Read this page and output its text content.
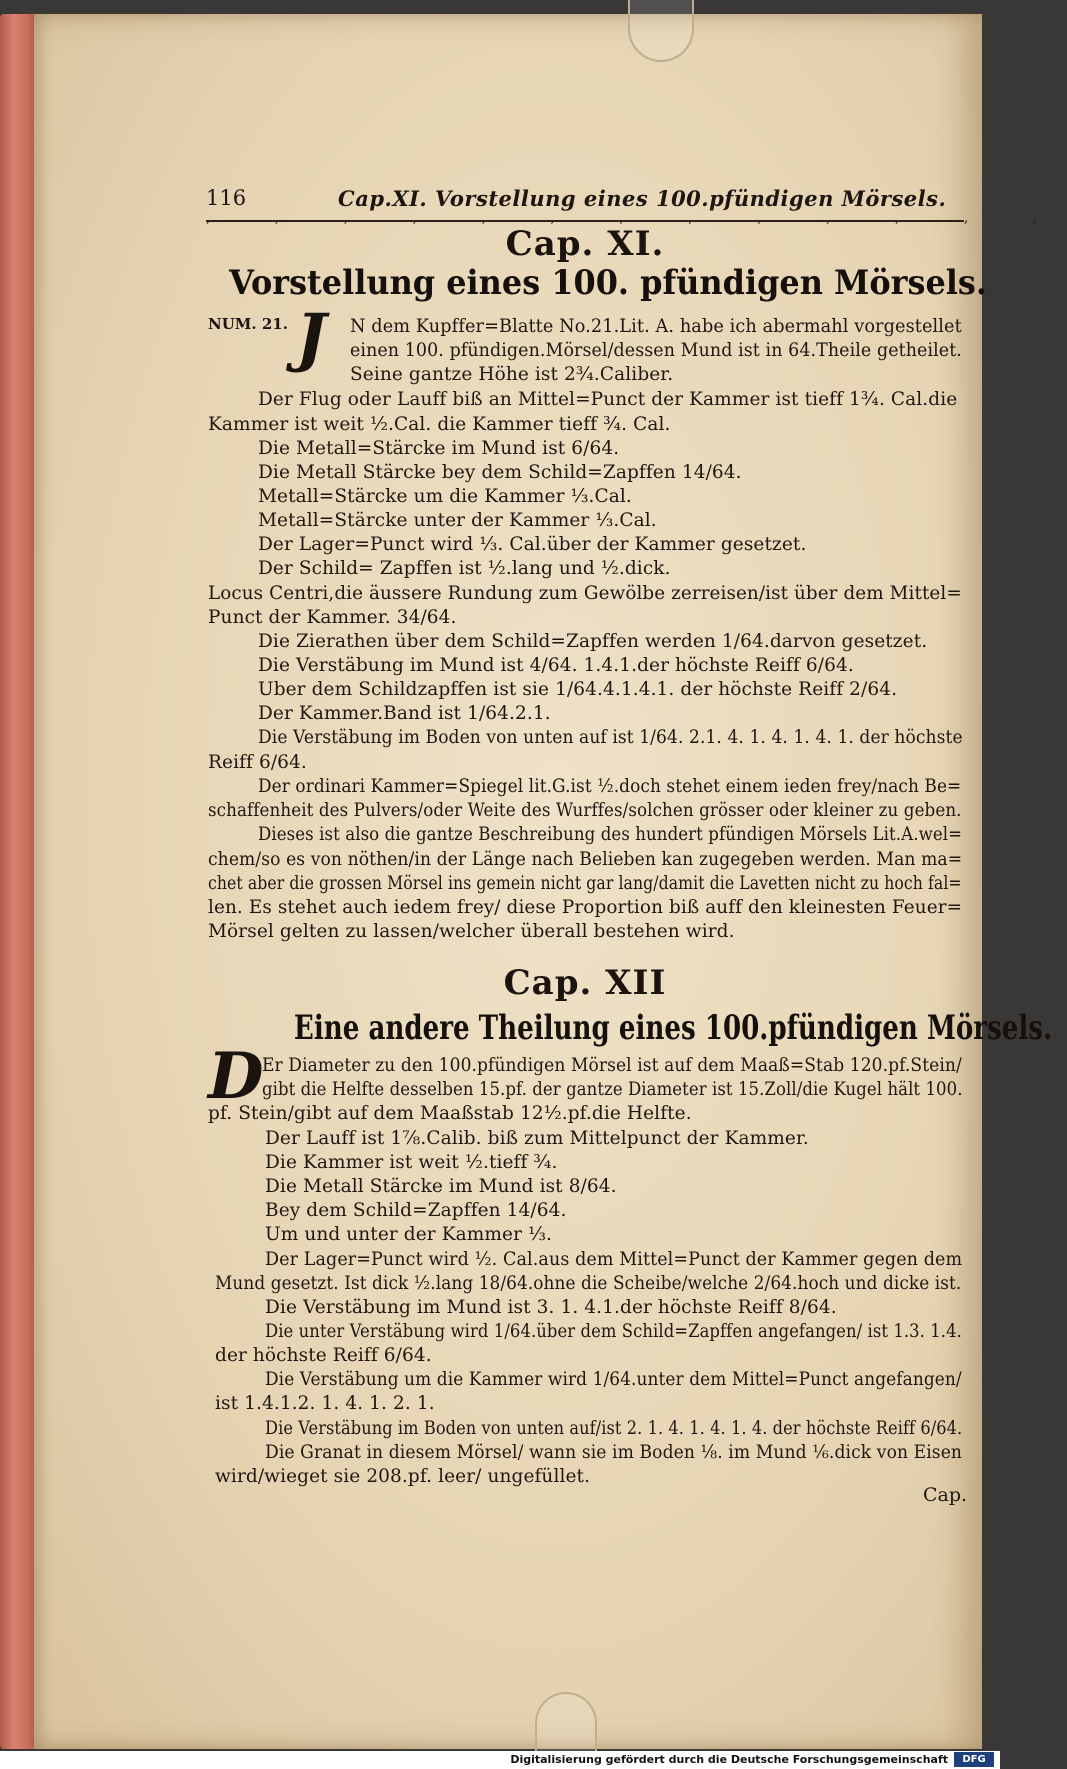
116	Cap.XI. Vorstellung eines 100.pfündigen Mörsels.
, , , , , , , , , , , , ,
Cap. XI.
Vorstellung eines 100. pfündigen Mörsels.
NUM. 21. J N dem Kupffer=Blatte No.21.Lit. A. habe ich abermahl vorgestellet
einen 100. pfündigen.Mörsel/dessen Mund ist in 64.Theile getheilet.
Seine gantze Höhe ist 2¾.Caliber.
Der Flug oder Lauff biß an Mittel=Punct der Kammer ist tieff 1¾. Cal.die
Kammer ist weit ½.Cal. die Kammer tieff ¾. Cal.
Die Metall=Stärcke im Mund ist 6/64.
Die Metall Stärcke bey dem Schild=Zapffen 14/64.
Metall=Stärcke um die Kammer ⅓.Cal.
Metall=Stärcke unter der Kammer ⅓.Cal.
Der Lager=Punct wird ⅓. Cal.über der Kammer gesetzet.
Der Schild= Zapffen ist ½.lang und ½.dick.
Locus Centri,die äussere Rundung zum Gewölbe zerreisen/ist über dem Mittel=
Punct der Kammer. 34/64.
Die Zierathen über dem Schild=Zapffen werden 1/64.darvon gesetzet.
Die Verstäbung im Mund ist 4/64. 1.4.1.der höchste Reiff 6/64.
Uber dem Schildzapffen ist sie 1/64.4.1.4.1. der höchste Reiff 2/64.
Der Kammer.Band ist 1/64.2.1.
Die Verstäbung im Boden von unten auf ist 1/64. 2.1. 4. 1. 4. 1. 4. 1. der höchste
Reiff 6/64.
Der ordinari Kammer=Spiegel lit.G.ist ½.doch stehet einem ieden frey/nach Be=
schaffenheit des Pulvers/oder Weite des Wurffes/solchen grösser oder kleiner zu geben.
Dieses ist also die gantze Beschreibung des hundert pfündigen Mörsels Lit.A.wel=
chem/so es von nöthen/in der Länge nach Belieben kan zugegeben werden. Man ma=
chet aber die grossen Mörsel ins gemein nicht gar lang/damit die Lavetten nicht zu hoch fal=
len. Es stehet auch iedem frey/ diese Proportion biß auff den kleinesten Feuer=
Mörsel gelten zu lassen/welcher überall bestehen wird.
Cap. XII
Eine andere Theilung eines 100.pfündigen Mörsels.
D
Er Diameter zu den 100.pfündigen Mörsel ist auf dem Maaß=Stab 120.pf.Stein/
gibt die Helfte desselben 15.pf. der gantze Diameter ist 15.Zoll/die Kugel hält 100.
pf. Stein/gibt auf dem Maaßstab 12½.pf.die Helfte.
Der Lauff ist 1⅞.Calib. biß zum Mittelpunct der Kammer.
Die Kammer ist weit ½.tieff ¾.
Die Metall Stärcke im Mund ist 8/64.
Bey dem Schild=Zapffen 14/64.
Um und unter der Kammer ⅓.
Der Lager=Punct wird ½. Cal.aus dem Mittel=Punct der Kammer gegen dem
Mund gesetzt. Ist dick ½.lang 18/64.ohne die Scheibe/welche 2/64.hoch und dicke ist.
Die Verstäbung im Mund ist 3. 1. 4.1.der höchste Reiff 8/64.
Die unter Verstäbung wird 1/64.über dem Schild=Zapffen angefangen/ ist 1.3. 1.4.
der höchste Reiff 6/64.
Die Verstäbung um die Kammer wird 1/64.unter dem Mittel=Punct angefangen/
ist 1.4.1.2. 1. 4. 1. 2. 1.
Die Verstäbung im Boden von unten auf/ist 2. 1. 4. 1. 4. 1. 4. der höchste Reiff 6/64.
Die Granat in diesem Mörsel/ wann sie im Boden ⅛. im Mund ⅙.dick von Eisen
wird/wieget sie 208.pf. leer/ ungefüllet.
Cap.
Digitalisierung gefördert durch die Deutsche Forschungsgemeinschaft	DFG
